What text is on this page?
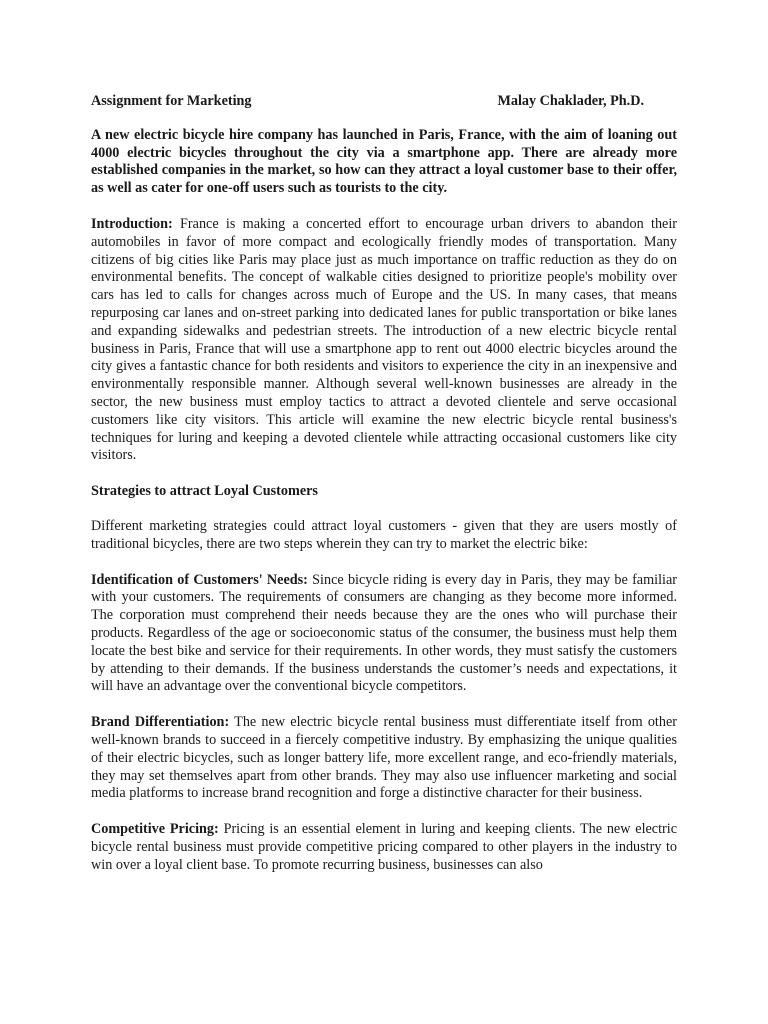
Assignment for Marketing	Malay Chaklader, Ph.D.
A new electric bicycle hire company has launched in Paris, France, with the aim of loaning out 4000 electric bicycles throughout the city via a smartphone app. There are already more established companies in the market, so how can they attract a loyal customer base to their offer, as well as cater for one-off users such as tourists to the city.

Introduction: France is making a concerted effort to encourage urban drivers to abandon their automobiles in favor of more compact and ecologically friendly modes of transportation. Many citizens of big cities like Paris may place just as much importance on traffic reduction as they do on environmental benefits. The concept of walkable cities designed to prioritize people's mobility over cars has led to calls for changes across much of Europe and the US. In many cases, that means repurposing car lanes and on-street parking into dedicated lanes for public transportation or bike lanes and expanding sidewalks and pedestrian streets. The introduction of a new electric bicycle rental business in Paris, France that will use a smartphone app to rent out 4000 electric bicycles around the city gives a fantastic chance for both residents and visitors to experience the city in an inexpensive and environmentally responsible manner. Although several well-known businesses are already in the sector, the new business must employ tactics to attract a devoted clientele and serve occasional customers like city visitors. This article will examine the new electric bicycle rental business's techniques for luring and keeping a devoted clientele while attracting occasional customers like city visitors.

Strategies to attract Loyal Customers

Different marketing strategies could attract loyal customers - given that they are users mostly of traditional bicycles, there are two steps wherein they can try to market the electric bike:

Identification of Customers' Needs: Since bicycle riding is every day in Paris, they may be familiar with your customers. The requirements of consumers are changing as they become more informed. The corporation must comprehend their needs because they are the ones who will purchase their products. Regardless of the age or socioeconomic status of the consumer, the business must help them locate the best bike and service for their requirements. In other words, they must satisfy the customers by attending to their demands. If the business understands the customer’s needs and expectations, it will have an advantage over the conventional bicycle competitors.

Brand Differentiation: The new electric bicycle rental business must differentiate itself from other well-known brands to succeed in a fiercely competitive industry. By emphasizing the unique qualities of their electric bicycles, such as longer battery life, more excellent range, and eco-friendly materials, they may set themselves apart from other brands. They may also use influencer marketing and social media platforms to increase brand recognition and forge a distinctive character for their business.

Competitive Pricing: Pricing is an essential element in luring and keeping clients. The new electric bicycle rental business must provide competitive pricing compared to other players in the industry to win over a loyal client base. To promote recurring business, businesses can also
